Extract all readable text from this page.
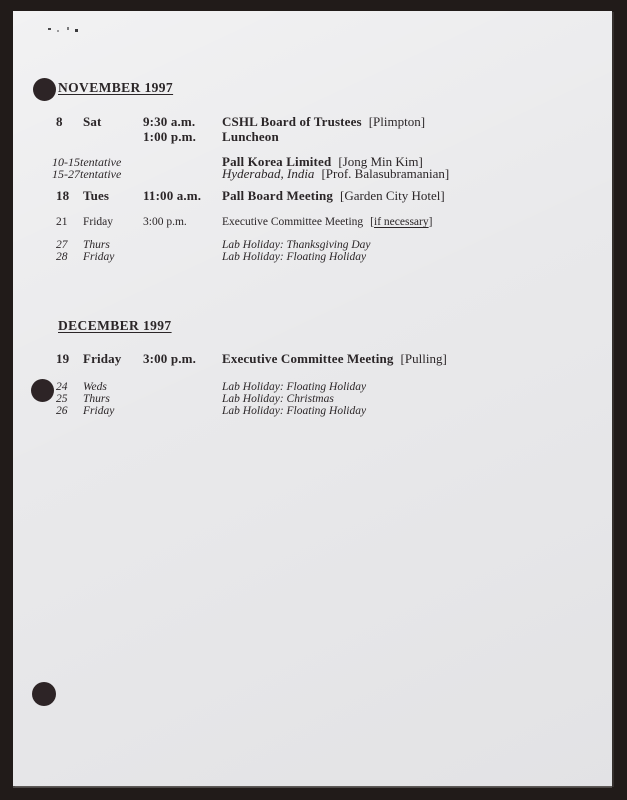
NOVEMBER 1997
8 Sat	9:30 a.m. CSHL Board of Trustees [Plimpton]
1:00 p.m. Luncheon
10-15tentative	Pall Korea Limited [Jong Min Kim]
15-27tentative	Hyderabad, India [Prof. Balasubramanian]
18 Tues	11:00 a.m. Pall Board Meeting [Garden City Hotel]
21 Friday	3:00 p.m.	Executive Committee Meeting [if necessary]
27 Thurs	Lab Holiday: Thanksgiving Day
28 Friday	Lab Holiday: Floating Holiday
DECEMBER 1997
19 Friday 3:00 p.m. Executive Committee Meeting [Pulling]
24 Weds	Lab Holiday: Floating Holiday
25 Thurs	Lab Holiday: Christmas
26 Friday	Lab Holiday: Floating Holiday
